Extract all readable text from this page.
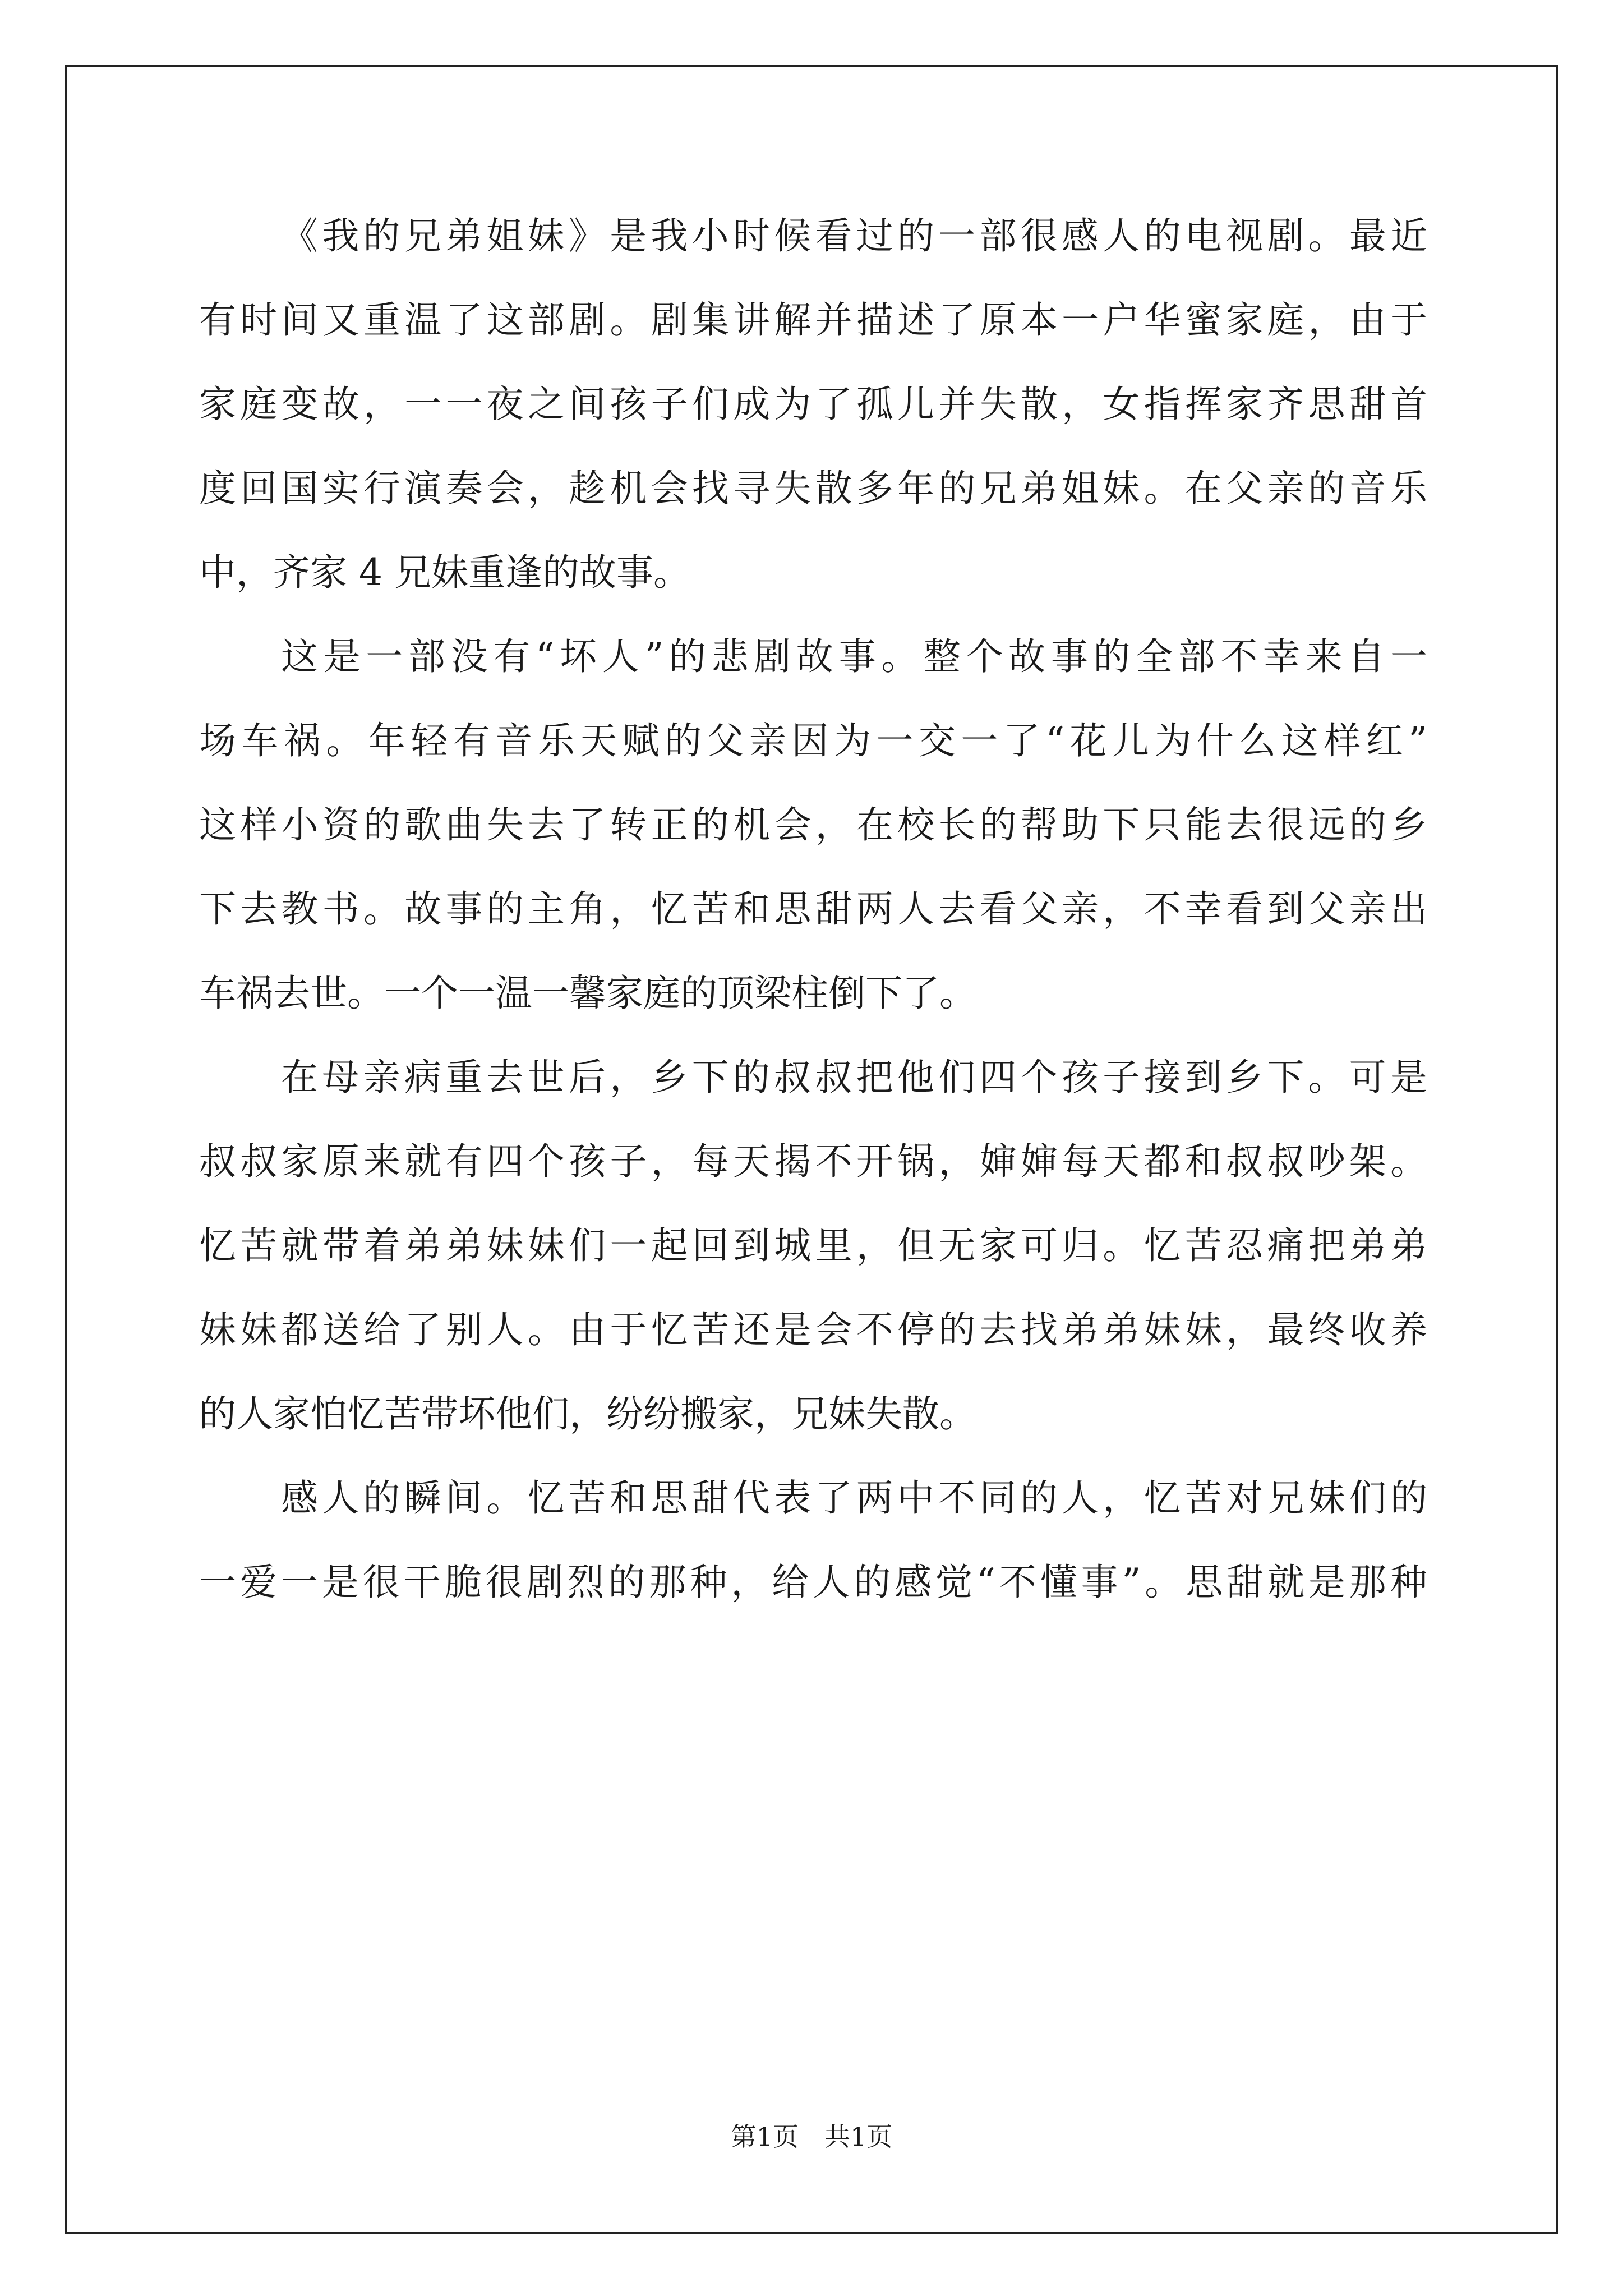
《我的兄弟姐妹》是我小时候看过的一部很感人的电视剧。最近
有时间又重温了这部剧。剧集讲解并描述了原本一户华蜜家庭，由于
家庭变故，一一夜之间孩子们成为了孤儿并失散，女指挥家齐思甜首
度回国实行演奏会，趁机会找寻失散多年的兄弟姐妹。在父亲的音乐
中，齐家 4 兄妹重逢的故事。
这是一部没有“坏人”的悲剧故事。整个故事的全部不幸来自一
场车祸。年轻有音乐天赋的父亲因为一交一了“花儿为什么这样红”
这样小资的歌曲失去了转正的机会，在校长的帮助下只能去很远的乡
下去教书。故事的主角，忆苦和思甜两人去看父亲，不幸看到父亲出
车祸去世。一个一温一馨家庭的顶梁柱倒下了。
在母亲病重去世后，乡下的叔叔把他们四个孩子接到乡下。可是
叔叔家原来就有四个孩子，每天揭不开锅，婶婶每天都和叔叔吵架。
忆苦就带着弟弟妹妹们一起回到城里，但无家可归。忆苦忍痛把弟弟
妹妹都送给了别人。由于忆苦还是会不停的去找弟弟妹妹，最终收养
的人家怕忆苦带坏他们，纷纷搬家，兄妹失散。
感人的瞬间。忆苦和思甜代表了两中不同的人，忆苦对兄妹们的
一爱一是很干脆很剧烈的那种，给人的感觉“不懂事”。思甜就是那种
第1页　共1页
